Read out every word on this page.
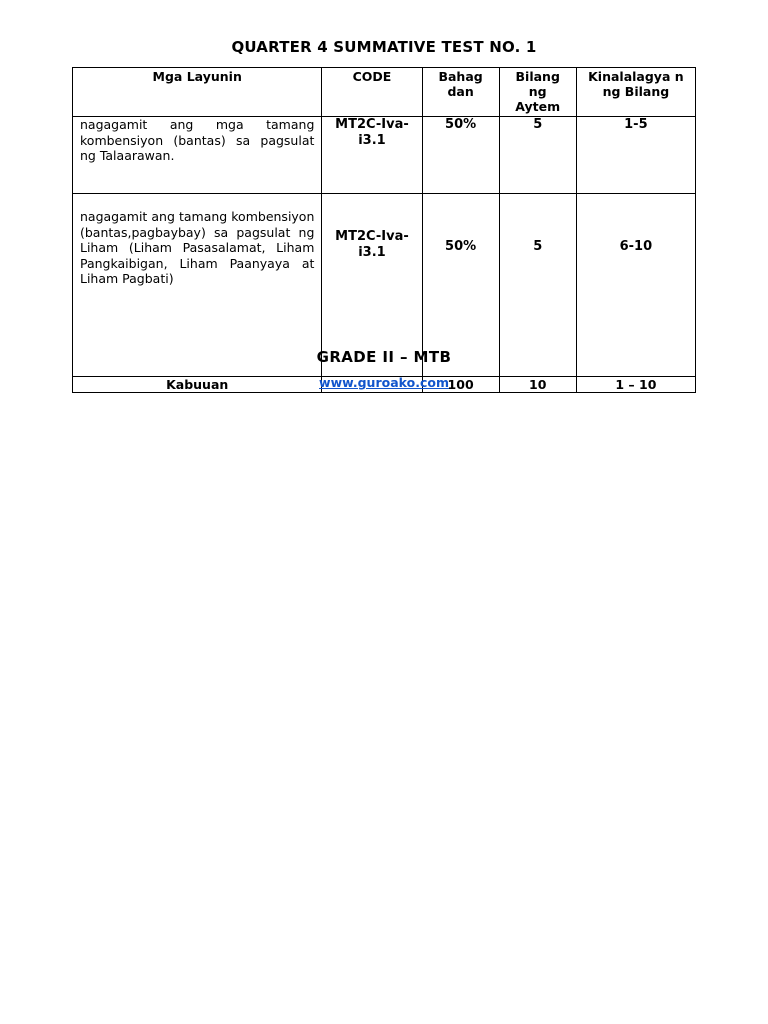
QUARTER 4 SUMMATIVE TEST NO. 1
Mga Layunin	CODE	Bahag dan	Bilang ng Aytem	Kinalalagya n ng Bilang
nagagamit ang mga tamang kombensiyon (bantas) sa pagsulat ng Talaarawan.	MT2C-Iva-i3.1	50%	5	1-5
nagagamit ang tamang kombensiyon (bantas,pagbaybay) sa pagsulat ng Liham (Liham Pasasalamat, Liham Pangkaibigan, Liham Paanyaya at Liham Pagbati)	MT2C-Iva-i3.1	50%	5	6-10
Kabuuan		100	10	1 – 10
GRADE II – MTB
www.guroako.com
